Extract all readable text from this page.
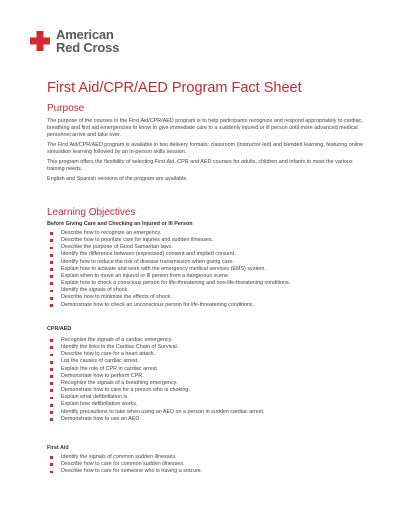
American
Red Cross
First Aid/CPR/AED Program Fact Sheet
Purpose

The purpose of the courses in the First Aid/CPR/AED program is to help participants recognize and respond appropriately to cardiac, breathing and first aid emergencies to know to give immediate care to a suddenly injured or ill person until more advanced medical personnel arrive and take over.

The First Aid/CPR/AED program is available in two delivery formats: classroom (instructor-led) and blended learning, featuring online simulation learning followed by an in-person skills session.

This program offers the flexibility of selecting First Aid, CPR and AED courses for adults, children and infants to meet the various training needs.

English and Spanish versions of the program are available.

Learning Objectives
Before Giving Care and Checking an Injured or Ill Person
Describe how to recognize an emergency.
Describe how to prioritize care for injuries and sudden illnesses.
Describe the purpose of Good Samaritan laws.
Identify the difference between (expressed) consent and implied consent.
Identify how to reduce the risk of disease transmission when giving care.
Explain how to activate and work with the emergency medical services (EMS) system.
Explain when to move an injured or ill person from a dangerous scene.
Explain how to check a conscious person for life-threatening and non-life-threatening conditions.
Identify the signals of shock.
Describe how to minimize the effects of shock.
Demonstrate how to check an unconscious person for life-threatening conditions.
CPR/AED
Recognize the signals of a cardiac emergency.
Identify the links in the Cardiac Chain of Survival.
Describe how to care for a heart attack.
List the causes of cardiac arrest.
Explain the role of CPR in cardiac arrest.
Demonstrate how to perform CPR.
Recognize the signals of a breathing emergency.
Demonstrate how to care for a person who is choking.
Explain what defibrillation is.
Explain how defibrillation works.
Identify precautions to take when using an AED on a person in sudden cardiac arrest.
Demonstrate how to use an AED.
First Aid
Identify the signals of common sudden illnesses.
Describe how to care for common sudden illnesses.
Describe how to care for someone who is having a seizure.
